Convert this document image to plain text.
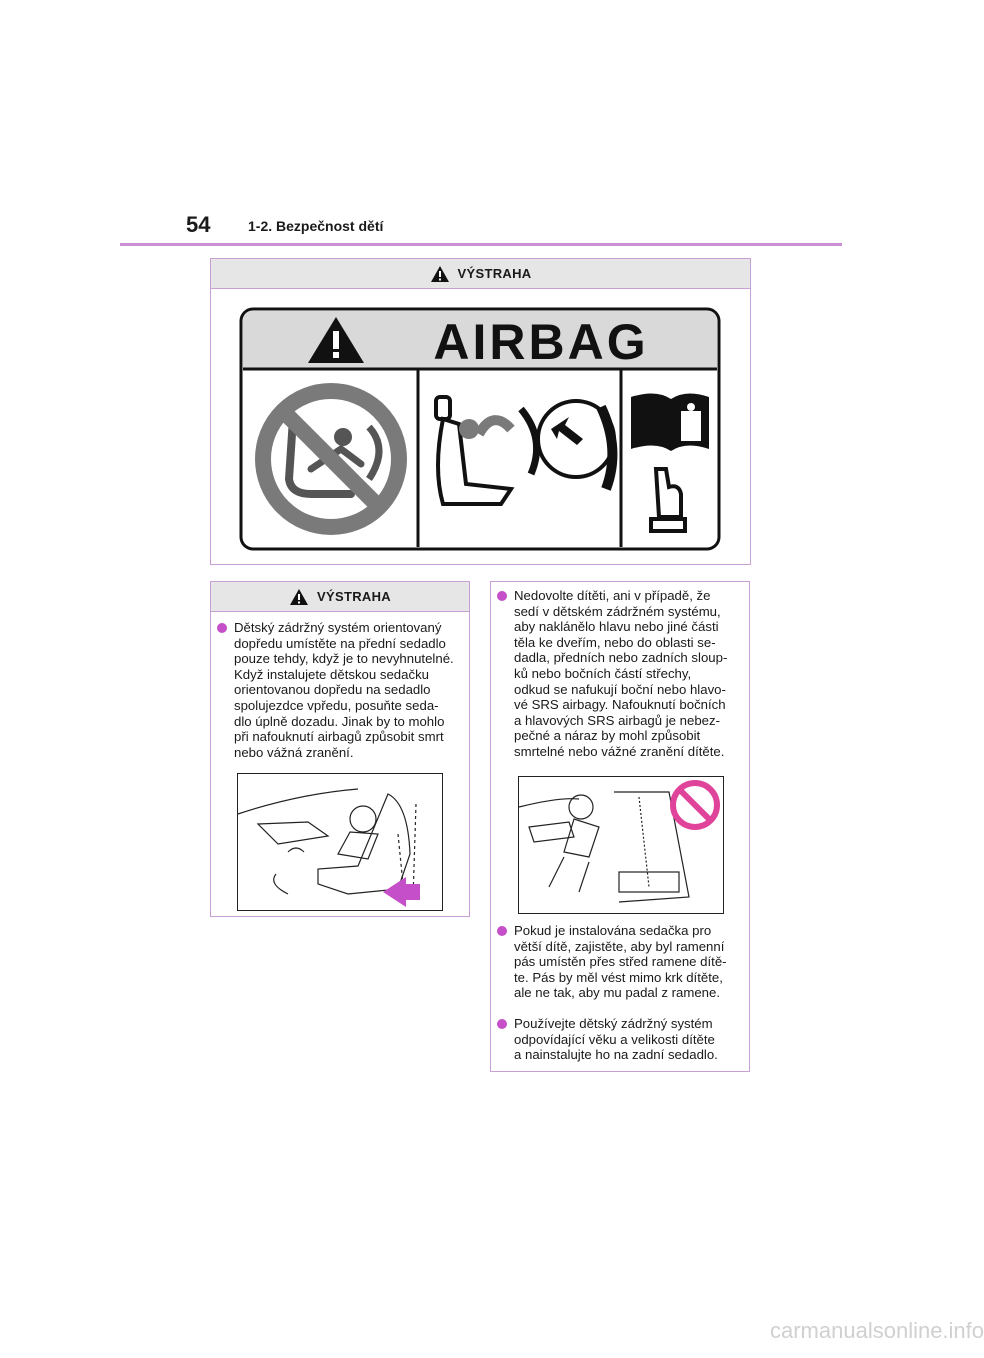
54	1-2. Bezpečnost dětí
VÝSTRAHA
AIRBAG
VÝSTRAHA
Dětský zádržný systém orientovaný
dopředu umístěte na přední sedadlo
pouze tehdy, když je to nevyhnutelné.
Když instalujete dětskou sedačku
orientovanou dopředu na sedadlo
spolujezdce vpředu, posuňte seda-
dlo úplně dozadu. Jinak by to mohlo
při nafouknutí airbagů způsobit smrt
nebo vážná zranění.
Nedovolte dítěti, ani v případě, že
sedí v dětském zádržném systému,
aby naklánělo hlavu nebo jiné části
těla ke dveřím, nebo do oblasti se-
dadla, předních nebo zadních sloup-
ků nebo bočních částí střechy,
odkud se nafukují boční nebo hlavo-
vé SRS airbagy. Nafouknutí bočních
a hlavových SRS airbagů je nebez-
pečné a náraz by mohl způsobit
smrtelné nebo vážné zranění dítěte.
Pokud je instalována sedačka pro
větší dítě, zajistěte, aby byl ramenní
pás umístěn přes střed ramene dítě-
te. Pás by měl vést mimo krk dítěte,
ale ne tak, aby mu padal z ramene.
Používejte dětský zádržný systém
odpovídající věku a velikosti dítěte
a nainstalujte ho na zadní sedadlo.
carmanualsonline.info
